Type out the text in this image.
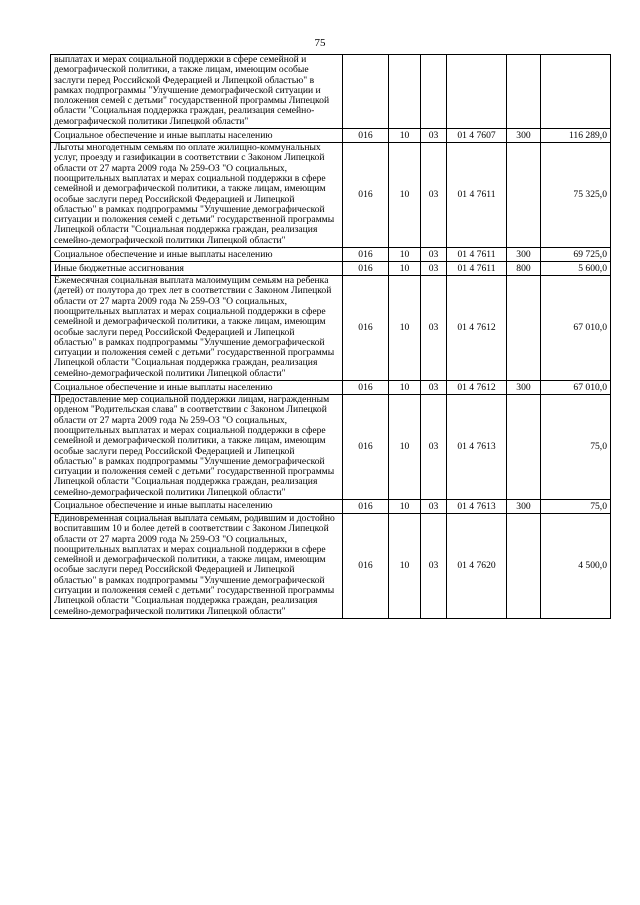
75
выплатах и мерах социальной поддержки в сфере семейной и демографической политики, а также лицам, имеющим особые заслуги перед Российской Федерацией и Липецкой областью" в рамках подпрограммы "Улучшение демографической ситуации и положения семей с детьми" государственной программы Липецкой области "Социальная поддержка граждан, реализация семейно-демографической политики Липецкой области"						
Социальное обеспечение и иные выплаты населению	016	10	03	01 4 7607	300	116 289,0
Льготы многодетным семьям по оплате жилищно-коммунальных услуг, проезду и газификации в соответствии с Законом Липецкой области от 27 марта 2009 года № 259-ОЗ "О социальных, поощрительных выплатах и мерах социальной поддержки в сфере семейной и демографической политики, а также лицам, имеющим особые заслуги перед Российской Федерацией и Липецкой областью" в рамках подпрограммы "Улучшение демографической ситуации и положения семей с детьми" государственной программы Липецкой области "Социальная поддержка граждан, реализация семейно-демографической политики Липецкой области"	016	10	03	01 4 7611		75 325,0
Социальное обеспечение и иные выплаты населению	016	10	03	01 4 7611	300	69 725,0
Иные бюджетные ассигнования	016	10	03	01 4 7611	800	5 600,0
Ежемесячная социальная выплата малоимущим семьям на ребенка (детей) от полутора до трех лет в соответствии с Законом Липецкой области от 27 марта 2009 года № 259-ОЗ "О социальных, поощрительных выплатах и мерах социальной поддержки в сфере семейной и демографической политики, а также лицам, имеющим особые заслуги перед Российской Федерацией и Липецкой областью" в рамках подпрограммы "Улучшение демографической ситуации и положения семей с детьми" государственной программы Липецкой области "Социальная поддержка граждан, реализация семейно-демографической политики Липецкой области"	016	10	03	01 4 7612		67 010,0
Социальное обеспечение и иные выплаты населению	016	10	03	01 4 7612	300	67 010,0
Предоставление мер социальной поддержки лицам, награжденным орденом "Родительская слава" в соответствии с Законом Липецкой области от 27 марта 2009 года № 259-ОЗ "О социальных, поощрительных выплатах и мерах социальной поддержки в сфере семейной и демографической политики, а также лицам, имеющим особые заслуги перед Российской Федерацией и Липецкой областью" в рамках подпрограммы "Улучшение демографической ситуации и положения семей с детьми" государственной программы Липецкой области "Социальная поддержка граждан, реализация семейно-демографической политики Липецкой области"	016	10	03	01 4 7613		75,0
Социальное обеспечение и иные выплаты населению	016	10	03	01 4 7613	300	75,0
Единовременная социальная выплата семьям, родившим и достойно воспитавшим 10 и более детей в соответствии с Законом Липецкой области от 27 марта 2009 года № 259-ОЗ "О социальных, поощрительных выплатах и мерах социальной поддержки в сфере семейной и демографической политики, а также лицам, имеющим особые заслуги перед Российской Федерацией и Липецкой областью" в рамках подпрограммы "Улучшение демографической ситуации и положения семей с детьми" государственной программы Липецкой области "Социальная поддержка граждан, реализация семейно-демографической политики Липецкой области"	016	10	03	01 4 7620		4 500,0
